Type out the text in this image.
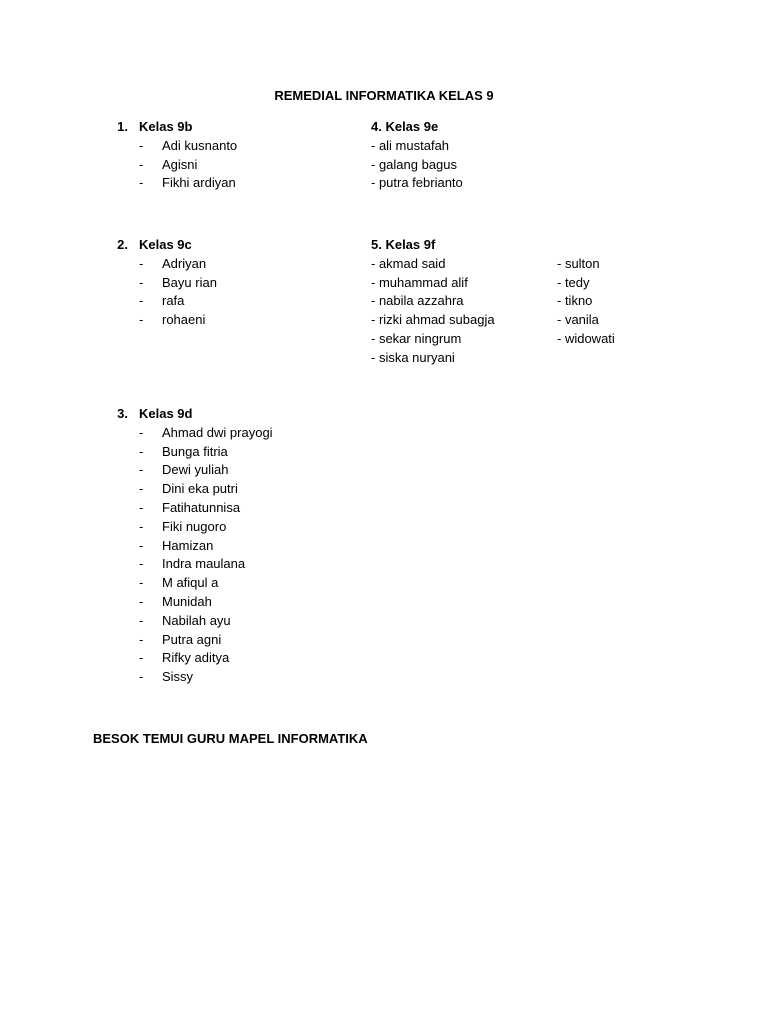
REMEDIAL INFORMATIKA KELAS 9
1. Kelas 9b
- Adi kusnanto
- Agisni
- Fikhi ardiyan
2. Kelas 9c
- Adriyan
- Bayu rian
- rafa
- rohaeni
3. Kelas 9d
- Ahmad dwi prayogi
- Bunga fitria
- Dewi yuliah
- Dini eka putri
- Fatihatunnisa
- Fiki nugoro
- Hamizan
- Indra maulana
- M afiqul a
- Munidah
- Nabilah ayu
- Putra agni
- Rifky aditya
- Sissy
4. Kelas 9e
- ali mustafah
- galang bagus
- putra febrianto
5. Kelas 9f
- akmad said
- muhammad alif
- nabila azzahra
- rizki ahmad subagja
- sekar ningrum
- siska nuryani
- sulton
- tedy
- tikno
- vanila
- widowati
BESOK TEMUI GURU MAPEL INFORMATIKA
